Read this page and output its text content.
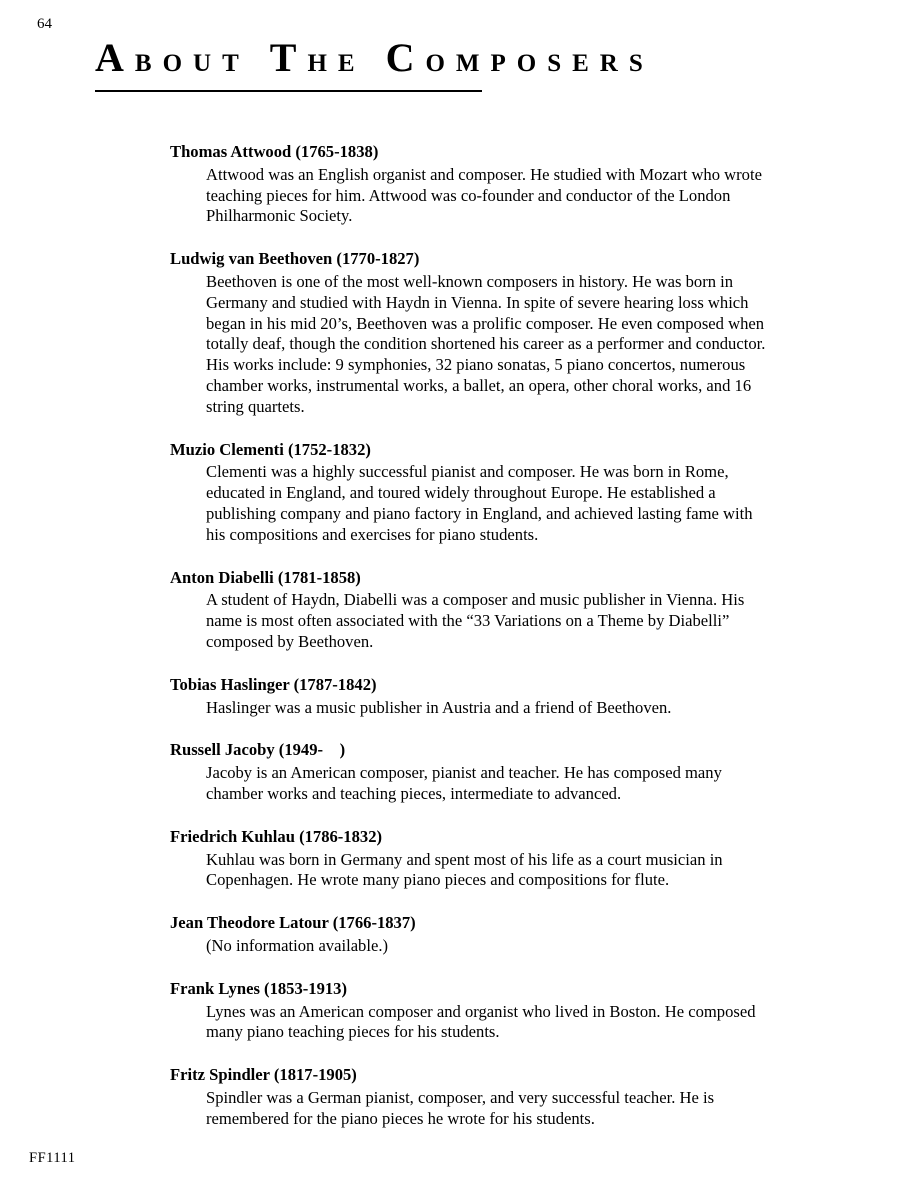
64
ABOUT THE COMPOSERS
Thomas Attwood (1765-1838)

Attwood was an English organist and composer. He studied with Mozart who wrote teaching pieces for him. Attwood was co-founder and conductor of the London Philharmonic Society.

Ludwig van Beethoven (1770-1827)

Beethoven is one of the most well-known composers in history. He was born in Germany and studied with Haydn in Vienna. In spite of severe hearing loss which began in his mid 20’s, Beethoven was a prolific composer. He even composed when totally deaf, though the condition shortened his career as a performer and conductor. His works include: 9 symphonies, 32 piano sonatas, 5 piano concertos, numerous chamber works, instrumental works, a ballet, an opera, other choral works, and 16 string quartets.

Muzio Clementi (1752-1832)

Clementi was a highly successful pianist and composer. He was born in Rome, educated in England, and toured widely throughout Europe. He established a publishing company and piano factory in England, and achieved lasting fame with his compositions and exercises for piano students.

Anton Diabelli (1781-1858)

A student of Haydn, Diabelli was a composer and music publisher in Vienna. His name is most often associated with the “33 Variations on a Theme by Diabelli” composed by Beethoven.

Tobias Haslinger (1787-1842)

Haslinger was a music publisher in Austria and a friend of Beethoven.

Russell Jacoby (1949-    )

Jacoby is an American composer, pianist and teacher. He has composed many chamber works and teaching pieces, intermediate to advanced.

Friedrich Kuhlau (1786-1832)

Kuhlau was born in Germany and spent most of his life as a court musician in Copenhagen. He wrote many piano pieces and compositions for flute.

Jean Theodore Latour (1766-1837)

(No information available.)

Frank Lynes (1853-1913)

Lynes was an American composer and organist who lived in Boston. He composed many piano teaching pieces for his students.

Fritz Spindler (1817-1905)

Spindler was a German pianist, composer, and very successful teacher. He is remembered for the piano pieces he wrote for his students.

FF1111
